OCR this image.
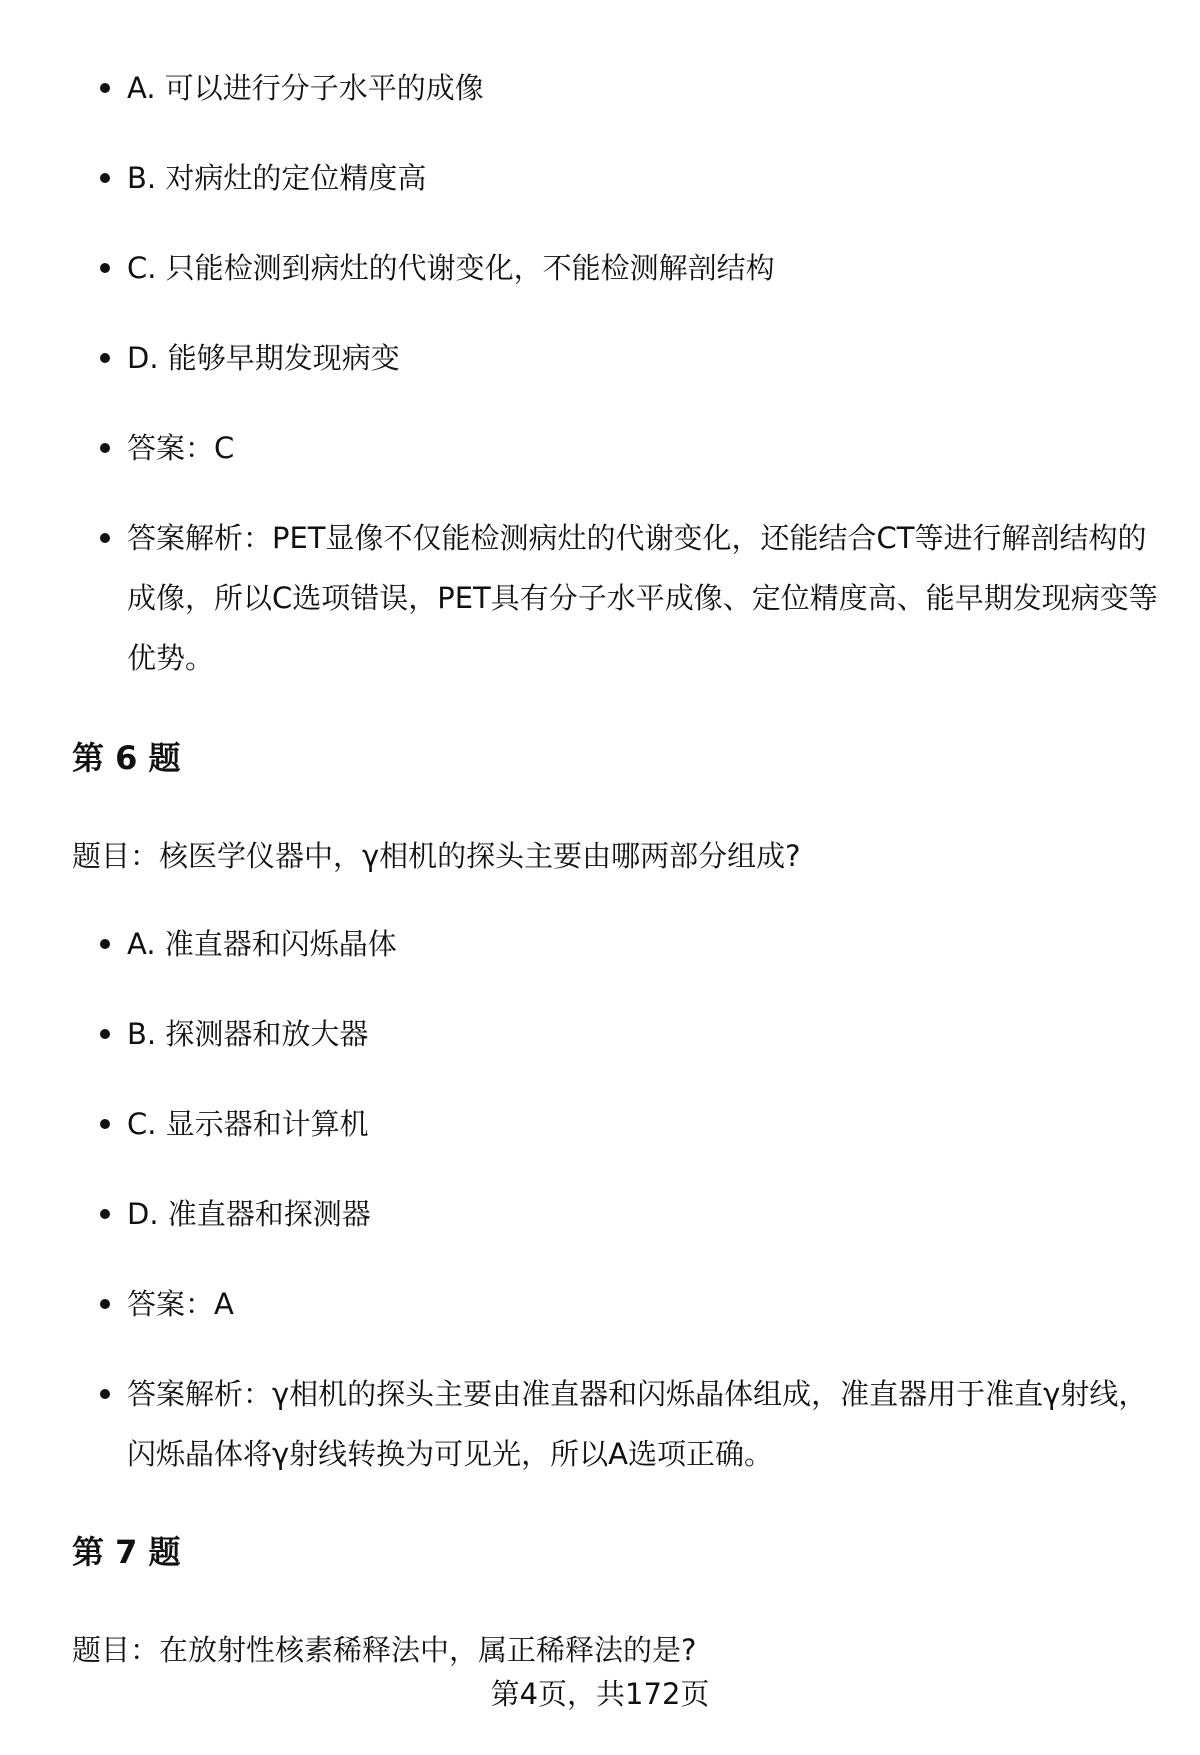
A. 可以进行分子水平的成像
B. 对病灶的定位精度高
C. 只能检测到病灶的代谢变化，不能检测解剖结构
D. 能够早期发现病变
答案：C
答案解析：PET显像不仅能检测病灶的代谢变化，还能结合CT等进行解剖结构的成像，所以C选项错误，PET具有分子水平成像、定位精度高、能早期发现病变等优势。
第 6 题
题目：核医学仪器中，γ相机的探头主要由哪两部分组成?
A. 准直器和闪烁晶体
B. 探测器和放大器
C. 显示器和计算机
D. 准直器和探测器
答案：A
答案解析：γ相机的探头主要由准直器和闪烁晶体组成，准直器用于准直γ射线，闪烁晶体将γ射线转换为可见光，所以A选项正确。
第 7 题
题目：在放射性核素稀释法中，属正稀释法的是?
第4页，共172页
